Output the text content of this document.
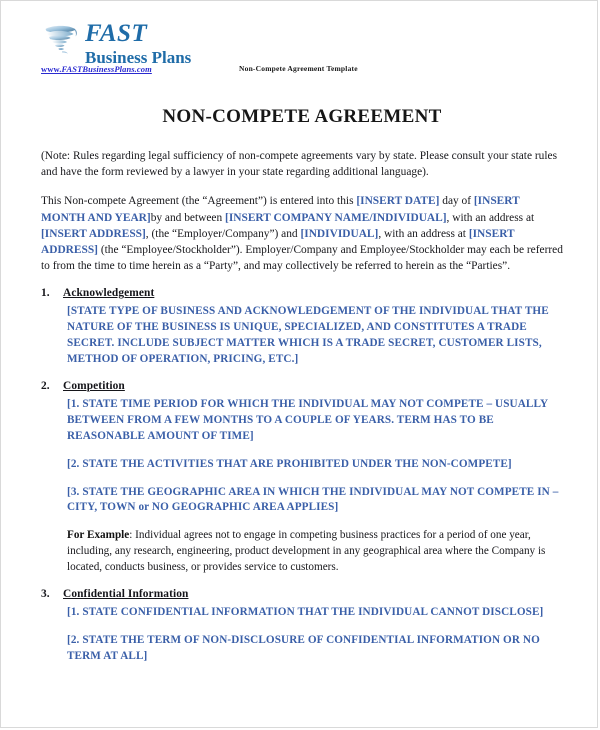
FAST
Business Plans
www.FASTBusinessPlans.com	Non-Compete Agreement Template
NON-COMPETE AGREEMENT

(Note: Rules regarding legal sufficiency of non-compete agreements vary by state. Please consult your state rules and have the form reviewed by a lawyer in your state regarding additional language).

This Non-compete Agreement (the “Agreement”) is entered into this [INSERT DATE] day of [INSERT MONTH AND YEAR]by and between [INSERT COMPANY NAME/INDIVIDUAL], with an address at [INSERT ADDRESS], (the “Employer/Company”) and [INDIVIDUAL], with an address at [INSERT ADDRESS] (the “Employee/Stockholder”). Employer/Company and Employee/Stockholder may each be referred to from the time to time herein as a “Party”, and may collectively be referred to herein as the “Parties”.

1.	Acknowledgement

[STATE TYPE OF BUSINESS AND ACKNOWLEDGEMENT OF THE INDIVIDUAL THAT THE NATURE OF THE BUSINESS IS UNIQUE, SPECIALIZED, AND CONSTITUTES A TRADE SECRET. INCLUDE SUBJECT MATTER WHICH IS A TRADE SECRET, CUSTOMER LISTS, METHOD OF OPERATION, PRICING, ETC.]

2.	Competition

[1. STATE TIME PERIOD FOR WHICH THE INDIVIDUAL MAY NOT COMPETE – USUALLY BETWEEN FROM A FEW MONTHS TO A COUPLE OF YEARS. TERM HAS TO BE REASONABLE AMOUNT OF TIME]

[2. STATE THE ACTIVITIES THAT ARE PROHIBITED UNDER THE NON-COMPETE]

[3. STATE THE GEOGRAPHIC AREA IN WHICH THE INDIVIDUAL MAY NOT COMPETE IN – CITY, TOWN or NO GEOGRAPHIC AREA APPLIES]

For Example: Individual agrees not to engage in competing business practices for a period of one year, including, any research, engineering, product development in any geographical area where the Company is located, conducts business, or provides service to customers.

3.	Confidential Information

[1. STATE CONFIDENTIAL INFORMATION THAT THE INDIVIDUAL CANNOT DISCLOSE]

[2. STATE THE TERM OF NON-DISCLOSURE OF CONFIDENTIAL INFORMATION OR NO TERM AT ALL]
